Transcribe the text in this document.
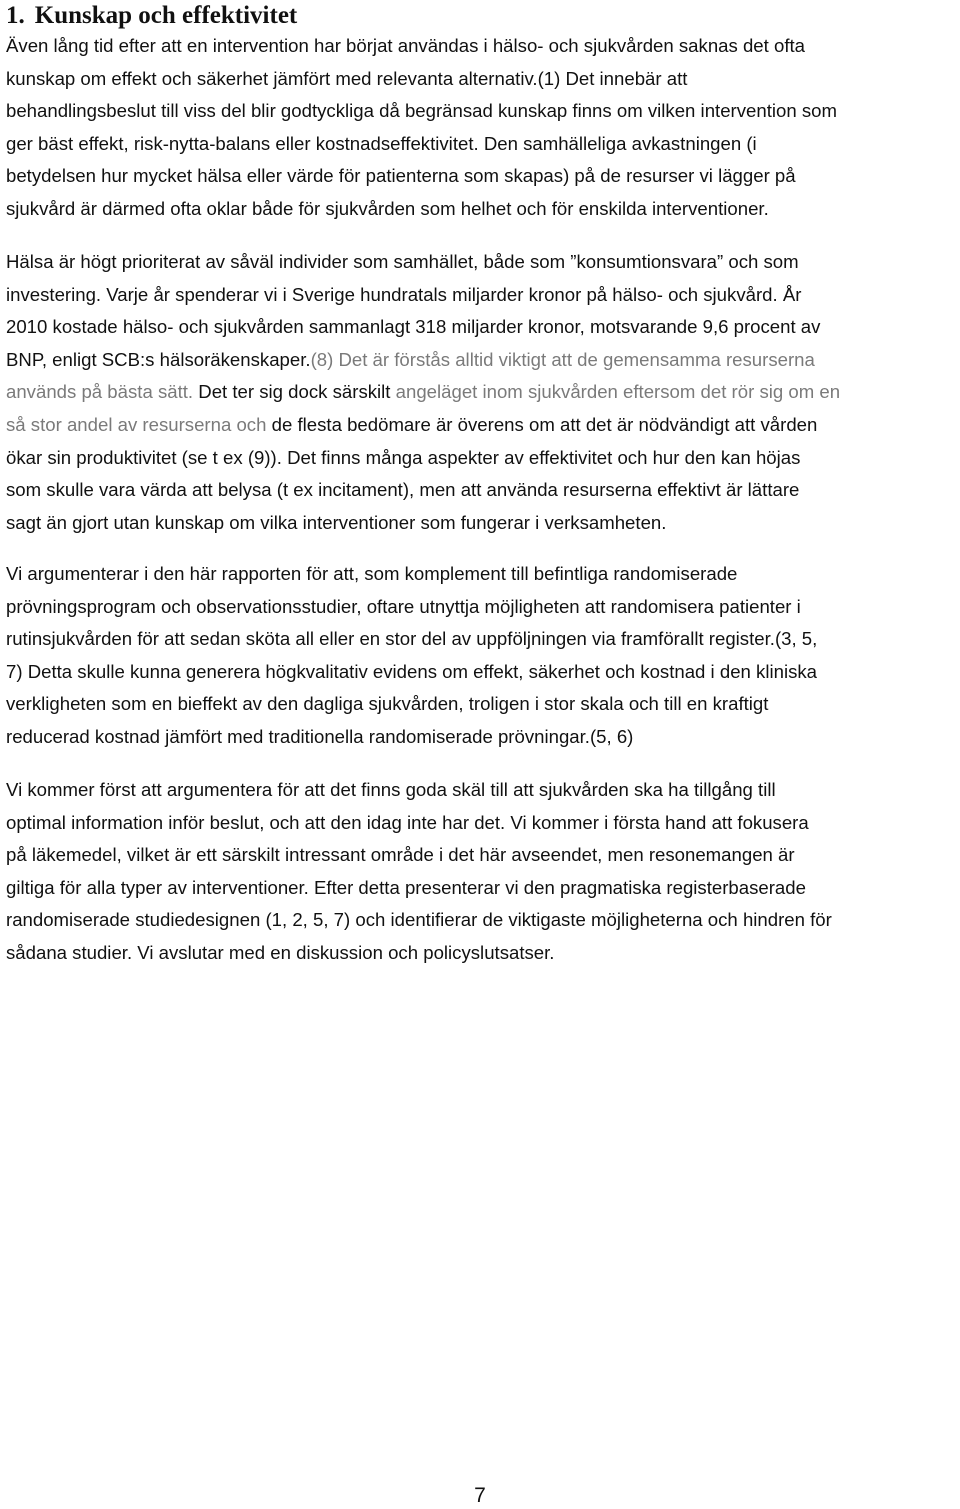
1. Kunskap och effektivitet

Även lång tid efter att en intervention har börjat användas i hälso- och sjukvården saknas det ofta
kunskap om effekt och säkerhet jämfört med relevanta alternativ.(1) Det innebär att
behandlingsbeslut till viss del blir godtyckliga då begränsad kunskap finns om vilken intervention som
ger bäst effekt, risk-nytta-balans eller kostnadseffektivitet. Den samhälleliga avkastningen (i
betydelsen hur mycket hälsa eller värde för patienterna som skapas) på de resurser vi lägger på
sjukvård är därmed ofta oklar både för sjukvården som helhet och för enskilda interventioner.

Hälsa är högt prioriterat av såväl individer som samhället, både som ”konsumtionsvara” och som
investering. Varje år spenderar vi i Sverige hundratals miljarder kronor på hälso- och sjukvård. År
2010 kostade hälso- och sjukvården sammanlagt 318 miljarder kronor, motsvarande 9,6 procent av
BNP, enligt SCB:s hälsoräkenskaper.(8) Det är förstås alltid viktigt att de gemensamma resurserna
används på bästa sätt. Det ter sig dock särskilt angeläget inom sjukvården eftersom det rör sig om en
så stor andel av resurserna och de flesta bedömare är överens om att det är nödvändigt att vården
ökar sin produktivitet (se t ex (9)). Det finns många aspekter av effektivitet och hur den kan höjas
som skulle vara värda att belysa (t ex incitament), men att använda resurserna effektivt är lättare
sagt än gjort utan kunskap om vilka interventioner som fungerar i verksamheten.

Vi argumenterar i den här rapporten för att, som komplement till befintliga randomiserade
prövningsprogram och observationsstudier, oftare utnyttja möjligheten att randomisera patienter i
rutinsjukvården för att sedan sköta all eller en stor del av uppföljningen via framförallt register.(3, 5,
7) Detta skulle kunna generera högkvalitativ evidens om effekt, säkerhet och kostnad i den kliniska
verkligheten som en bieffekt av den dagliga sjukvården, troligen i stor skala och till en kraftigt
reducerad kostnad jämfört med traditionella randomiserade prövningar.(5, 6)

Vi kommer först att argumentera för att det finns goda skäl till att sjukvården ska ha tillgång till
optimal information inför beslut, och att den idag inte har det. Vi kommer i första hand att fokusera
på läkemedel, vilket är ett särskilt intressant område i det här avseendet, men resonemangen är
giltiga för alla typer av interventioner. Efter detta presenterar vi den pragmatiska registerbaserade
randomiserade studiedesignen (1, 2, 5, 7) och identifierar de viktigaste möjligheterna och hindren för
sådana studier. Vi avslutar med en diskussion och policyslutsatser.

7
